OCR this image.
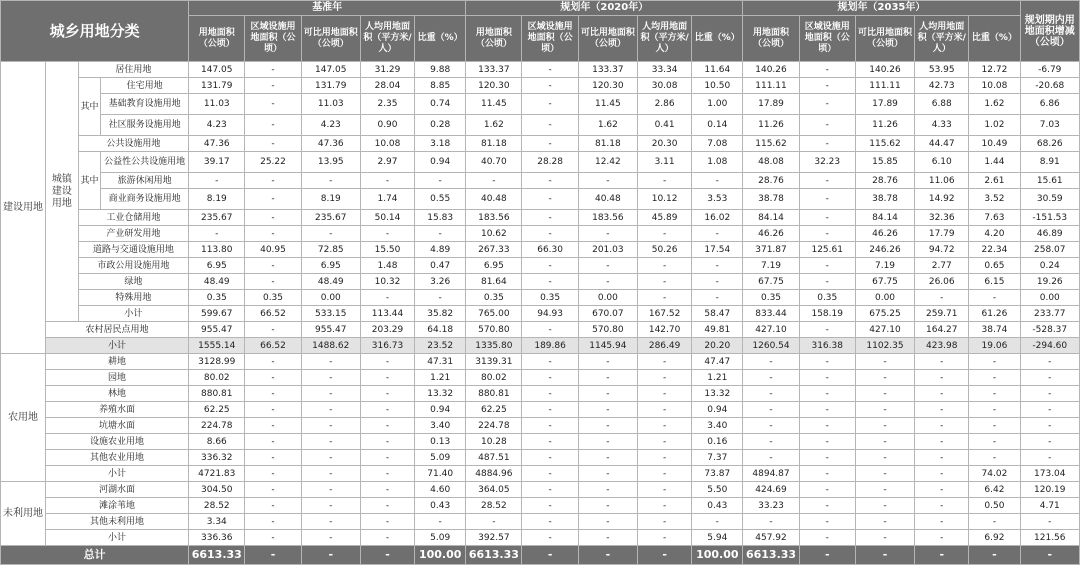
城乡用地分类				基准年					规划年（2020年）					规划年（2035年）					规划期内用地面积增减（公顷）
				用地面积（公顷）	区域设施用地面积（公顷）	可比用地面积（公顷）	人均用地面积（平方米/人）	比重（%）	用地面积（公顷）	区域设施用地面积（公顷）	可比用地面积（公顷）	人均用地面积（平方米/人）	比重（%）	用地面积（公顷）	区域设施用地面积（公顷）	可比用地面积（公顷）	人均用地面积（平方米/人）	比重（%）	
建设用地	城镇建设用地	居住用地		147.05	-	147.05	31.29	9.88	133.37	-	133.37	33.34	11.64	140.26	-	140.26	53.95	12.72	-6.79
		其中	住宅用地	131.79	-	131.79	28.04	8.85	120.30	-	120.30	30.08	10.50	111.11	-	111.11	42.73	10.08	-20.68
			基础教育设施用地	11.03	-	11.03	2.35	0.74	11.45	-	11.45	2.86	1.00	17.89	-	17.89	6.88	1.62	6.86
			社区服务设施用地	4.23	-	4.23	0.90	0.28	1.62	-	1.62	0.41	0.14	11.26	-	11.26	4.33	1.02	7.03
		公共设施用地		47.36	-	47.36	10.08	3.18	81.18	-	81.18	20.30	7.08	115.62	-	115.62	44.47	10.49	68.26
		其中	公益性公共设施用地	39.17	25.22	13.95	2.97	0.94	40.70	28.28	12.42	3.11	1.08	48.08	32.23	15.85	6.10	1.44	8.91
			旅游休闲用地	-	-	-	-	-	-	-	-	-	-	28.76	-	28.76	11.06	2.61	15.61
			商业商务设施用地	8.19	-	8.19	1.74	0.55	40.48	-	40.48	10.12	3.53	38.78	-	38.78	14.92	3.52	30.59
		工业仓储用地		235.67	-	235.67	50.14	15.83	183.56	-	183.56	45.89	16.02	84.14	-	84.14	32.36	7.63	-151.53
		产业研发用地		-	-	-	-	-	10.62	-	-	-	-	46.26	-	46.26	17.79	4.20	46.89
		道路与交通设施用地		113.80	40.95	72.85	15.50	4.89	267.33	66.30	201.03	50.26	17.54	371.87	125.61	246.26	94.72	22.34	258.07
		市政公用设施用地		6.95	-	6.95	1.48	0.47	6.95	-	-	-	-	7.19	-	7.19	2.77	0.65	0.24
		绿地		48.49	-	48.49	10.32	3.26	81.64	-	-	-	-	67.75	-	67.75	26.06	6.15	19.26
		特殊用地		0.35	0.35	0.00	-	-	0.35	0.35	0.00	-	-	0.35	0.35	0.00	-	-	0.00
		小计		599.67	66.52	533.15	113.44	35.82	765.00	94.93	670.07	167.52	58.47	833.44	158.19	675.25	259.71	61.26	233.77
	农村居民点用地			955.47	-	955.47	203.29	64.18	570.80	-	570.80	142.70	49.81	427.10	-	427.10	164.27	38.74	-528.37
	小计			1555.14	66.52	1488.62	316.73	23.52	1335.80	189.86	1145.94	286.49	20.20	1260.54	316.38	1102.35	423.98	19.06	-294.60
农用地	耕地			3128.99	-	-	-	47.31	3139.31	-	-	-	47.47	-	-	-	-	-	-
	园地			80.02	-	-	-	1.21	80.02	-	-	-	1.21	-	-	-	-	-	-
	林地			880.81	-	-	-	13.32	880.81	-	-	-	13.32	-	-	-	-	-	-
	养殖水面			62.25	-	-	-	0.94	62.25	-	-	-	0.94	-	-	-	-	-	-
	坑塘水面			224.78	-	-	-	3.40	224.78	-	-	-	3.40	-	-	-	-	-	-
	设施农业用地			8.66	-	-	-	0.13	10.28	-	-	-	0.16	-	-	-	-	-	-
	其他农业用地			336.32	-	-	-	5.09	487.51	-	-	-	7.37	-	-	-	-	-	-
	小计			4721.83	-	-	-	71.40	4884.96	-	-	-	73.87	4894.87	-	-	-	74.02	173.04
未利用地	河湖水面			304.50	-	-	-	4.60	364.05	-	-	-	5.50	424.69	-	-	-	6.42	120.19
	滩涂苇地			28.52	-	-	-	0.43	28.52	-	-	-	0.43	33.23	-	-	-	0.50	4.71
	其他未利用地			3.34	-	-	-	-	-	-	-	-	-	-	-	-	-	-	-
	小计			336.36	-	-	-	5.09	392.57	-	-	-	5.94	457.92	-	-	-	6.92	121.56
总计				6613.33	-	-	-	100.00	6613.33	-	-	-	100.00	6613.33	-	-	-	-	-
